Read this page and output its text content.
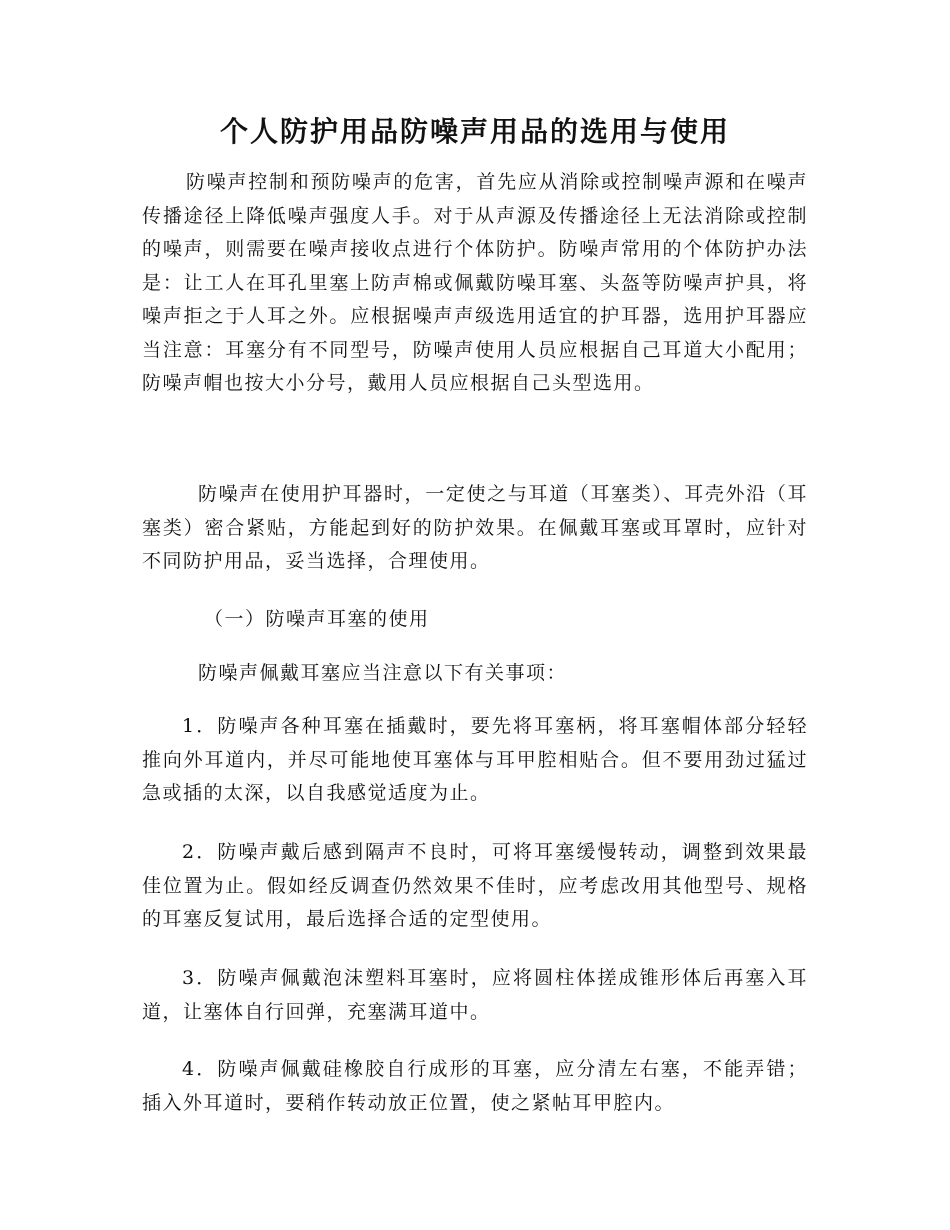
个人防护用品防噪声用品的选用与使用

防噪声控制和预防噪声的危害，首先应从消除或控制噪声源和在噪声传播途径上降低噪声强度人手。对于从声源及传播途径上无法消除或控制的噪声，则需要在噪声接收点进行个体防护。防噪声常用的个体防护办法是：让工人在耳孔里塞上防声棉或佩戴防噪耳塞、头盔等防噪声护具，将噪声拒之于人耳之外。应根据噪声声级选用适宜的护耳器，选用护耳器应当注意：耳塞分有不同型号，防噪声使用人员应根据自己耳道大小配用；防噪声帽也按大小分号，戴用人员应根据自己头型选用。

防噪声在使用护耳器时，一定使之与耳道（耳塞类）、耳壳外沿（耳塞类）密合紧贴，方能起到好的防护效果。在佩戴耳塞或耳罩时，应针对不同防护用品，妥当选择，合理使用。

（一）防噪声耳塞的使用

防噪声佩戴耳塞应当注意以下有关事项：

1．防噪声各种耳塞在插戴时，要先将耳塞柄，将耳塞帽体部分轻轻推向外耳道内，并尽可能地使耳塞体与耳甲腔相贴合。但不要用劲过猛过急或插的太深，以自我感觉适度为止。

2．防噪声戴后感到隔声不良时，可将耳塞缓慢转动，调整到效果最佳位置为止。假如经反调查仍然效果不佳时，应考虑改用其他型号、规格的耳塞反复试用，最后选择合适的定型使用。

3．防噪声佩戴泡沫塑料耳塞时，应将圆柱体搓成锥形体后再塞入耳道，让塞体自行回弹，充塞满耳道中。

4．防噪声佩戴硅橡胶自行成形的耳塞，应分清左右塞，不能弄错；插入外耳道时，要稍作转动放正位置，使之紧帖耳甲腔内。
